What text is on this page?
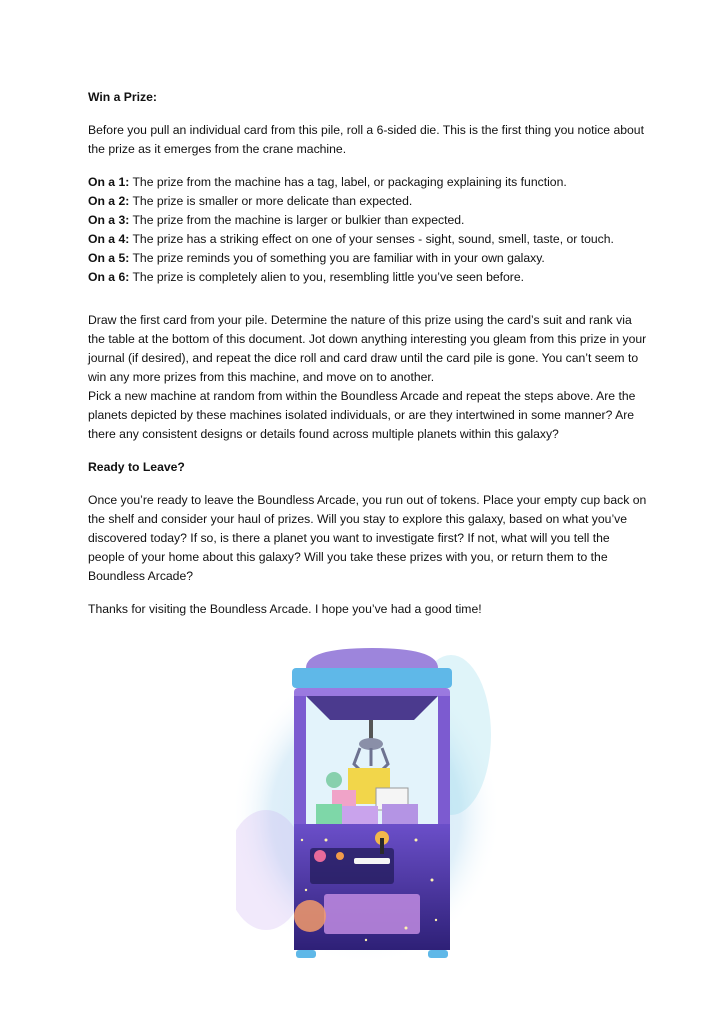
Win a Prize:

Before you pull an individual card from this pile, roll a 6-sided die. This is the first thing you notice about the prize as it emerges from the crane machine.

On a 1: The prize from the machine has a tag, label, or packaging explaining its function.
On a 2: The prize is smaller or more delicate than expected.
On a 3: The prize from the machine is larger or bulkier than expected.
On a 4: The prize has a striking effect on one of your senses - sight, sound, smell, taste, or touch.
On a 5: The prize reminds you of something you are familiar with in your own galaxy.
On a 6: The prize is completely alien to you, resembling little you’ve seen before.
Draw the first card from your pile. Determine the nature of this prize using the card’s suit and rank via the table at the bottom of this document. Jot down anything interesting you gleam from this prize in your journal (if desired), and repeat the dice roll and card draw until the card pile is gone. You can’t seem to win any more prizes from this machine, and move on to another.

Pick a new machine at random from within the Boundless Arcade and repeat the steps above. Are the planets depicted by these machines isolated individuals, or are they intertwined in some manner? Are there any consistent designs or details found across multiple planets within this galaxy?

Ready to Leave?

Once you’re ready to leave the Boundless Arcade, you run out of tokens. Place your empty cup back on the shelf and consider your haul of prizes. Will you stay to explore this galaxy, based on what you’ve discovered today? If so, is there a planet you want to investigate first? If not, what will you tell the people of your home about this galaxy? Will you take these prizes with you, or return them to the Boundless Arcade?

Thanks for visiting the Boundless Arcade. I hope you’ve had a good time!
